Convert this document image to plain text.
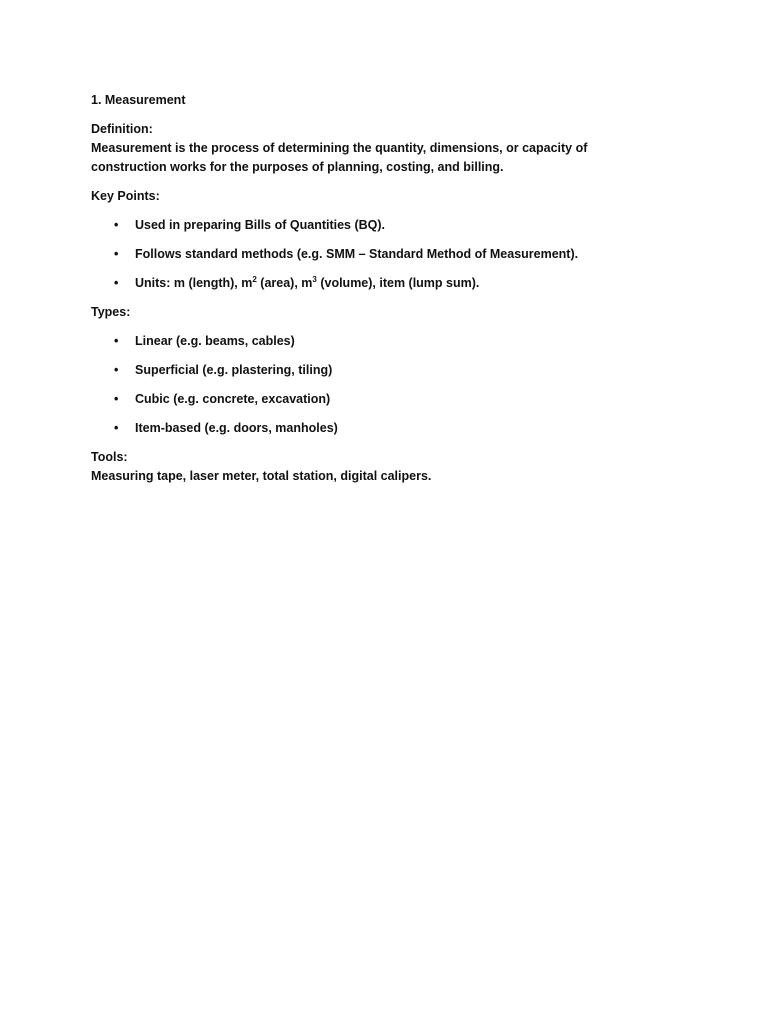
1. Measurement

Definition:

Measurement is the process of determining the quantity, dimensions, or capacity of

construction works for the purposes of planning, costing, and billing.

Key Points:

• Used in preparing Bills of Quantities (BQ).
• Follows standard methods (e.g. SMM – Standard Method of Measurement).
• Units: m (length), $m^2$ (area), $m^3$ (volume), item (lump sum).

Types:

• Linear (e.g. beams, cables)
• Superficial (e.g. plastering, tiling)
• Cubic (e.g. concrete, excavation)
• Item-based (e.g. doors, manholes)

Tools:

Measuring tape, laser meter, total station, digital calipers.
